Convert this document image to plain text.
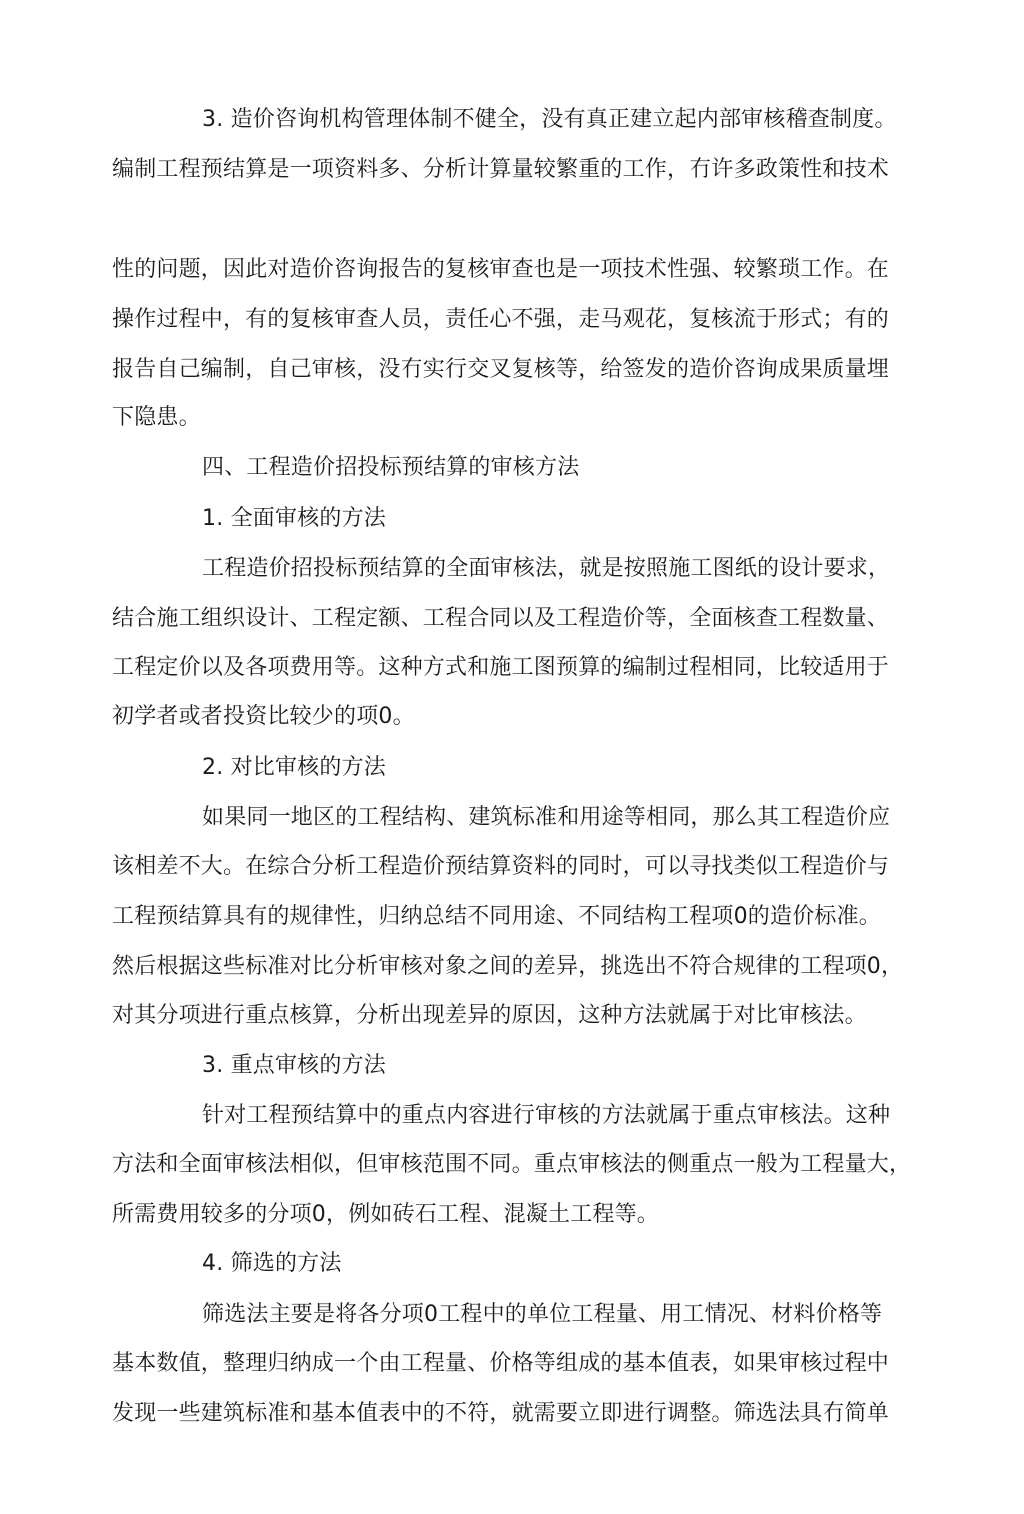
3. 造价咨询机构管理体制不健全，没有真正建立起内部审核稽查制度。
编制工程预结算是一项资料多、分析计算量较繁重的工作，冇许多政策性和技术
性的问题，因此对造价咨询报告的复核审查也是一项技术性强、较繁琐工作。在
操作过程中，有的复核审查人员，责任心不强，走马观花，复核流于形式；有的
报告自己编制，自己审核，没冇实行交叉复核等，给签发的造价咨询成果质量埋
下隐患。
四、工程造价招投标预结算的审核方法
1. 全面审核的方法
工程造价招投标预结算的全面审核法，就是按照施工图纸的设计要求，
结合施工组织设计、工程定额、工程合同以及工程造价等，全面核查工程数量、
工程定价以及各项费用等。这种方式和施工图预算的编制过程相同，比较适用于
初学者或者投资比较少的项0。
2. 对比审核的方法
如果同一地区的工程结构、建筑标准和用途等相同，那么其工程造价应
该相差不大。在综合分析工程造价预结算资料的同时，可以寻找类似工程造价与
工程预结算具有的规律性，归纳总结不同用途、不同结构工程项0的造价标准。
然后根据这些标准对比分析审核对象之间的差异，挑选出不符合规律的工程项0，
对其分项进行重点核算，分析出现差异的原因，这种方法就属于对比审核法。
3. 重点审核的方法
针对工程预结算中的重点内容进行审核的方法就属于重点审核法。这种
方法和全面审核法相似，但审核范围不同。重点审核法的侧重点一般为工程量大，
所需费用较多的分项0，例如砖石工程、混凝土工程等。
4. 筛选的方法
筛选法主要是将各分项0工程中的单位工程量、用工情况、材料价格等
基本数值，整理归纳成一个由工程量、价格等组成的基本值表，如果审核过程中
发现一些建筑标准和基本值表中的不符，就需要立即进行调整。筛选法具冇简单
